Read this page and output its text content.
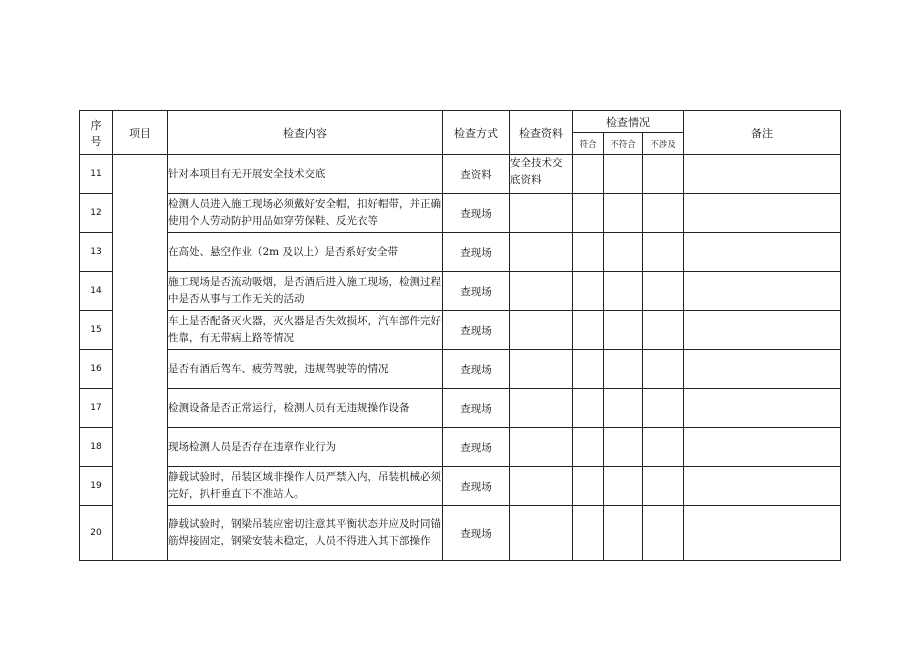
序号	项目	检查内容	检查方式	检查资料	检查情况			备注
					符合	不符合	不涉及	
11		针对本项目有无开展安全技术交底	查资料	安全技术交底资料				
12		检测人员进入施工现场必须戴好安全帽，扣好帽带，并正确使用个人劳动防护用品如穿劳保鞋、反光衣等	查现场					
13		在高处、悬空作业（2m 及以上）是否系好安全带	查现场					
14		施工现场是否流动吸烟，是否酒后进入施工现场，检测过程中是否从事与工作无关的活动	查现场					
15		车上是否配备灭火器，灭火器是否失效损坏，汽车部件完好性靠，有无带病上路等情况	查现场					
16		是否有酒后驾车、疲劳驾驶，违规驾驶等的情况	查现场					
17		检测设备是否正常运行，检测人员有无违规操作设备	查现场					
18		现场检测人员是否存在违章作业行为	查现场					
19		静载试验时，吊装区域非操作人员严禁入内，吊装机械必须完好，扒杆垂直下不准站人。	查现场					
20		静载试验时，钢梁吊装应密切注意其平衡状态并应及时同锚筋焊接固定，钢梁安装未稳定，人员不得进入其下部操作	查现场					
